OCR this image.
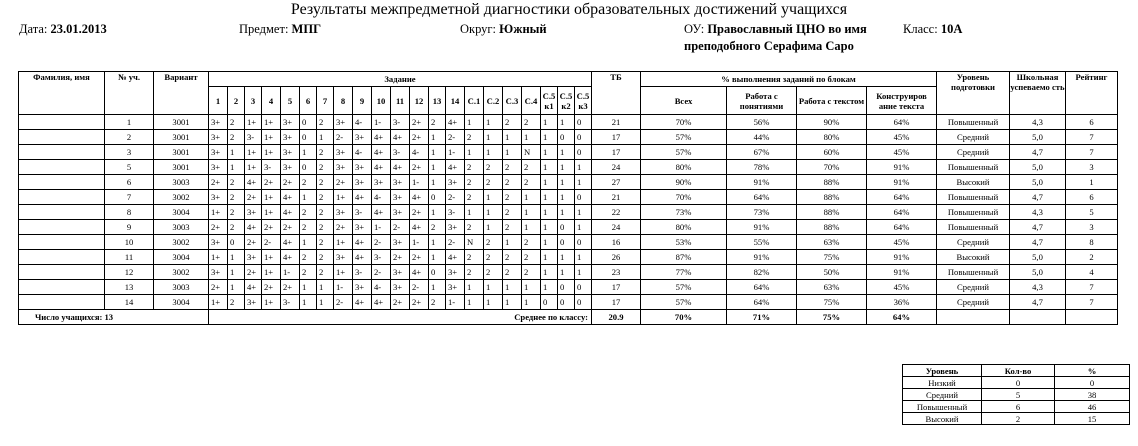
Результаты межпредметной диагностики образовательных достижений учащихся
Дата: 23.01.2013	Предмет: МПГ	Округ: Южный	ОУ: Православный ЦНО во имя
преподобного Серафима Саро
Класс: 10А
Фамилия, имя	№ уч.	Вариант	Задание																					ТБ	% выполнения заданий по блокам				Уровень подготовки	Школьная успеваемо сть	Рейтинг
			1	2	3	4	5	6	7	8	9	10	11	12	13	14	С.1	С.2	С.3	С.4	С.5 к1	С.5 к2	С.5 к3		Всех	Работа с понятиями	Работа с текстом	Конструиров ание текста			
	1	3001	3+	2	1+	1+	3+	0	2	3+	4-	1-	3-	2+	2	4+	1	1	2	2	1	1	0	21	70%	56%	90%	64%	Повышенный	4,3	6
	2	3001	3+	2	3-	1+	3+	0	1	2-	3+	4+	4+	2+	1	2-	2	1	1	1	1	0	0	17	57%	44%	80%	45%	Средний	5,0	7
	3	3001	3+	1	1+	1+	3+	1	2	3+	4-	4+	3-	4-	1	1-	1	1	1	N	1	1	0	17	57%	67%	60%	45%	Средний	4,7	7
	5	3001	3+	1	1+	3-	3+	0	2	3+	3+	4+	4+	2+	1	4+	2	2	2	2	1	1	1	24	80%	78%	70%	91%	Повышенный	5,0	3
	6	3003	2+	2	4+	2+	2+	2	2	2+	3+	3+	3+	1-	1	3+	2	2	2	2	1	1	1	27	90%	91%	88%	91%	Высокий	5,0	1
	7	3002	3+	2	2+	1+	4+	1	2	1+	4+	4-	3+	4+	0	2-	2	1	2	1	1	1	0	21	70%	64%	88%	64%	Повышенный	4,7	6
	8	3004	1+	2	3+	1+	4+	2	2	3+	3-	4+	3+	2+	1	3-	1	1	2	1	1	1	1	22	73%	73%	88%	64%	Повышенный	4,3	5
	9	3003	2+	2	4+	2+	2+	2	2	2+	3+	1-	2-	4+	2	3+	2	1	2	1	1	0	1	24	80%	91%	88%	64%	Повышенный	4,7	3
	10	3002	3+	0	2+	2-	4+	1	2	1+	4+	2-	3+	1-	1	2-	N	2	1	2	1	0	0	16	53%	55%	63%	45%	Средний	4,7	8
	11	3004	1+	1	3+	1+	4+	2	2	3+	4+	3-	2+	2+	1	4+	2	2	2	2	1	1	1	26	87%	91%	75%	91%	Высокий	5,0	2
	12	3002	3+	1	2+	1+	1-	2	2	1+	3-	2-	3+	4+	0	3+	2	2	2	2	1	1	1	23	77%	82%	50%	91%	Повышенный	5,0	4
	13	3003	2+	1	4+	2+	2+	1	1	1-	3+	4-	3+	2-	1	3+	1	1	1	1	1	0	0	17	57%	64%	63%	45%	Средний	4,3	7
	14	3004	1+	2	3+	1+	3-	1	1	2-	4+	4+	2+	2+	2	1-	1	1	1	1	0	0	0	17	57%	64%	75%	36%	Средний	4,7	7
Число учащихся: 13			Среднее по классу:																					20.9	70%	71%	75%	64%			
Уровень	Кол-во	%
Низкий	0	0
Средний	5	38
Повышенный	6	46
Высокий	2	15
